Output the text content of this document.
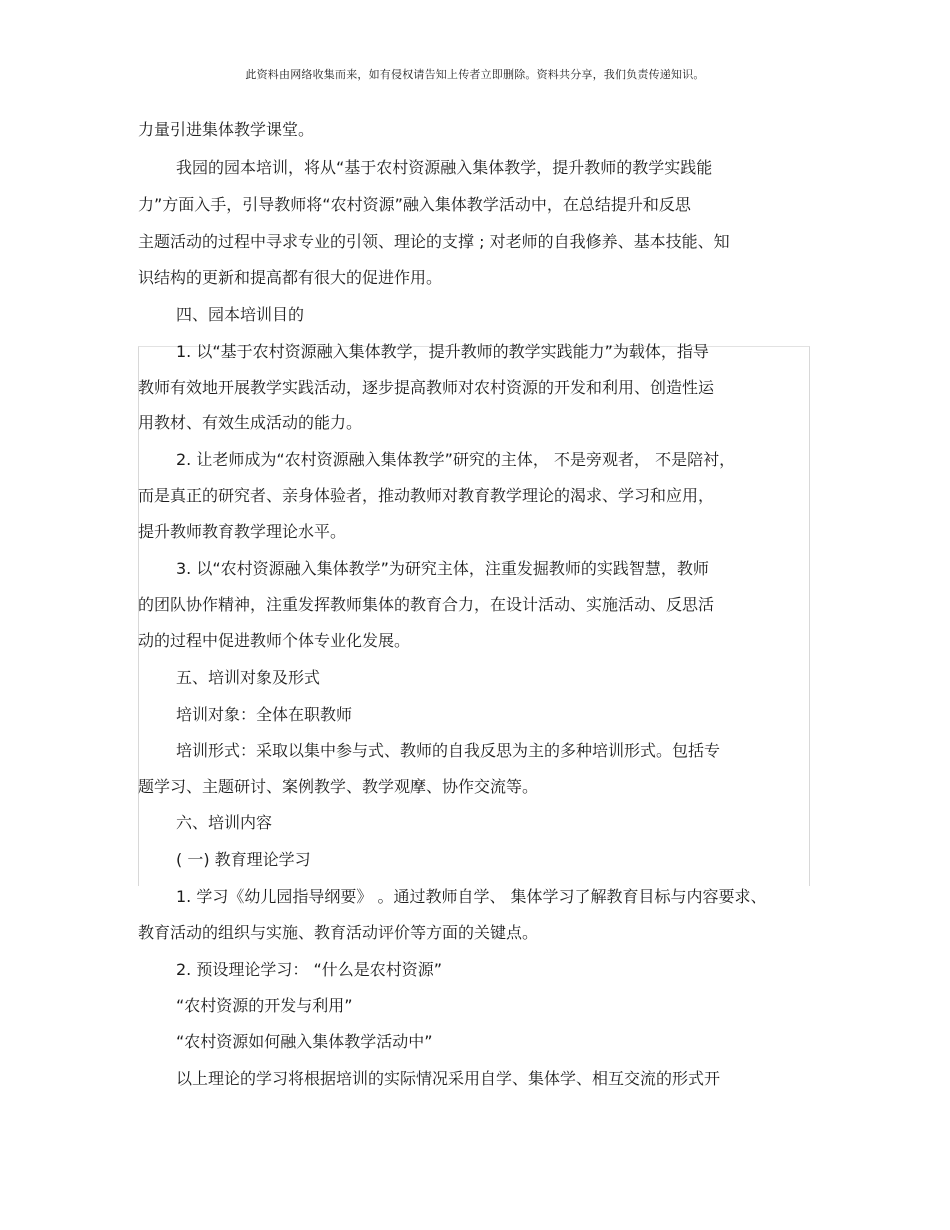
此资料由网络收集而来，如有侵权请告知上传者立即删除。资料共分享，我们负责传递知识。
力量引进集体教学课堂。
我园的园本培训，将从“基于农村资源融入集体教学，提升教师的教学实践能
力”方面入手，引导教师将“农村资源”融入集体教学活动中，在总结提升和反思
主题活动的过程中寻求专业的引领、理论的支撑 ; 对老师的自我修养、基本技能、知
识结构的更新和提高都有很大的促进作用。
四、园本培训目的
1. 以“基于农村资源融入集体教学，提升教师的教学实践能力”为载体，指导
教师有效地开展教学实践活动，逐步提高教师对农村资源的开发和利用、创造性运
用教材、有效生成活动的能力。
2. 让老师成为“农村资源融入集体教学”研究的主体， 不是旁观者， 不是陪衬，
而是真正的研究者、亲身体验者，推动教师对教育教学理论的渴求、学习和应用，
提升教师教育教学理论水平。
3. 以“农村资源融入集体教学”为研究主体，注重发掘教师的实践智慧，教师
的团队协作精神，注重发挥教师集体的教育合力，在设计活动、实施活动、反思活
动的过程中促进教师个体专业化发展。
五、培训对象及形式
培训对象：全体在职教师
培训形式：采取以集中参与式、教师的自我反思为主的多种培训形式。包括专
题学习、主题研讨、案例教学、教学观摩、协作交流等。
六、培训内容
( 一) 教育理论学习
1. 学习《幼儿园指导纲要》 。通过教师自学、 集体学习了解教育目标与内容要求、
教育活动的组织与实施、教育活动评价等方面的关键点。
2. 预设理论学习： “什么是农村资源”
“农村资源的开发与利用”
“农村资源如何融入集体教学活动中”
以上理论的学习将根据培训的实际情况采用自学、集体学、相互交流的形式开
